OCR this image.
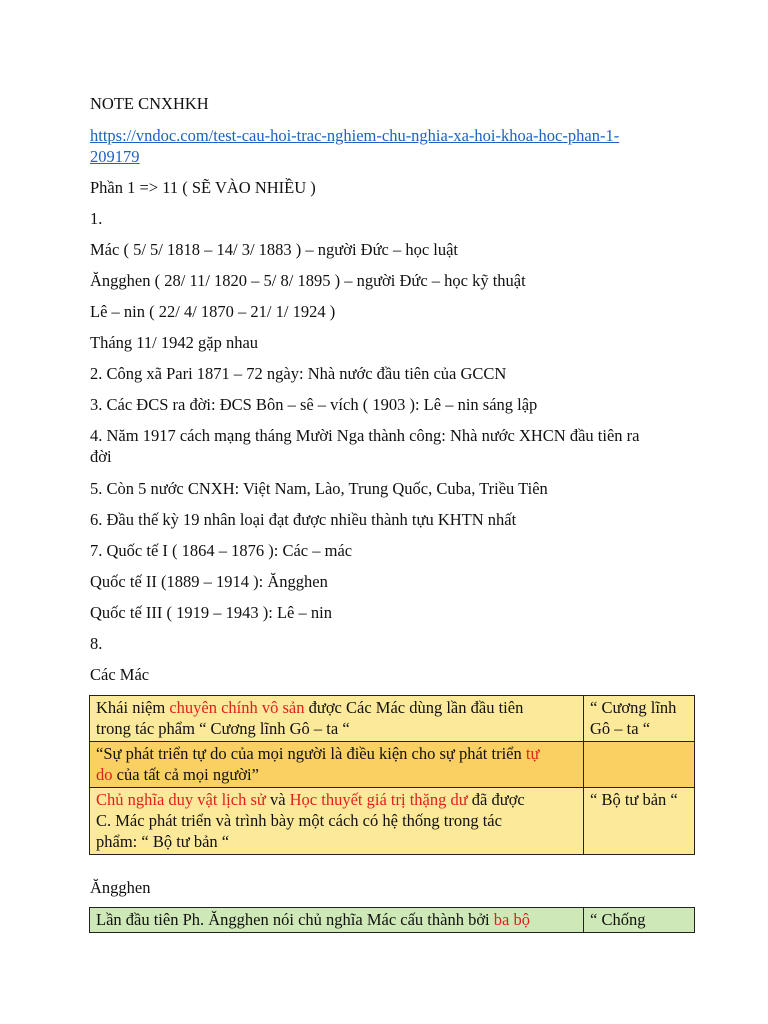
NOTE CNXHKH
https://vndoc.com/test-cau-hoi-trac-nghiem-chu-nghia-xa-hoi-khoa-hoc-phan-1-
209179
Phần 1 => 11 ( SẼ VÀO NHIỀU )
1.
Mác ( 5/ 5/ 1818 – 14/ 3/ 1883 ) – người Đức – học luật
Ăngghen ( 28/ 11/ 1820 – 5/ 8/ 1895 ) – người Đức – học kỹ thuật
Lê – nin ( 22/ 4/ 1870 – 21/ 1/ 1924 )
Tháng 11/ 1942 gặp nhau
2. Công xã Pari 1871 – 72 ngày: Nhà nước đầu tiên của GCCN
3. Các ĐCS ra đời: ĐCS Bôn – sê – vích ( 1903 ): Lê – nin sáng lập
4. Năm 1917 cách mạng tháng Mười Nga thành công: Nhà nước XHCN đầu tiên ra
đời
5. Còn 5 nước CNXH: Việt Nam, Lào, Trung Quốc, Cuba, Triều Tiên
6. Đầu thế kỳ 19 nhân loại đạt được nhiều thành tựu KHTN nhất
7. Quốc tế I ( 1864 – 1876 ): Các – mác
Quốc tế II (1889 – 1914 ): Ăngghen
Quốc tế III ( 1919 – 1943 ): Lê – nin
8.
Các Mác
Khái niệm chuyên chính vô sản được Các Mác dùng lần đầu tiên
trong tác phẩm “ Cương lĩnh Gô – ta “	“ Cương lĩnh
Gô – ta “
“Sự phát triển tự do của mọi người là điều kiện cho sự phát triển tự
do của tất cả mọi người”	
Chủ nghĩa duy vật lịch sử và Học thuyết giá trị thặng dư đã được
C. Mác phát triển và trình bày một cách có hệ thống trong tác
phẩm: “ Bộ tư bản “	“ Bộ tư bản “
Ăngghen
Lần đầu tiên Ph. Ăngghen nói chủ nghĩa Mác cấu thành bởi ba bộ	“ Chống
